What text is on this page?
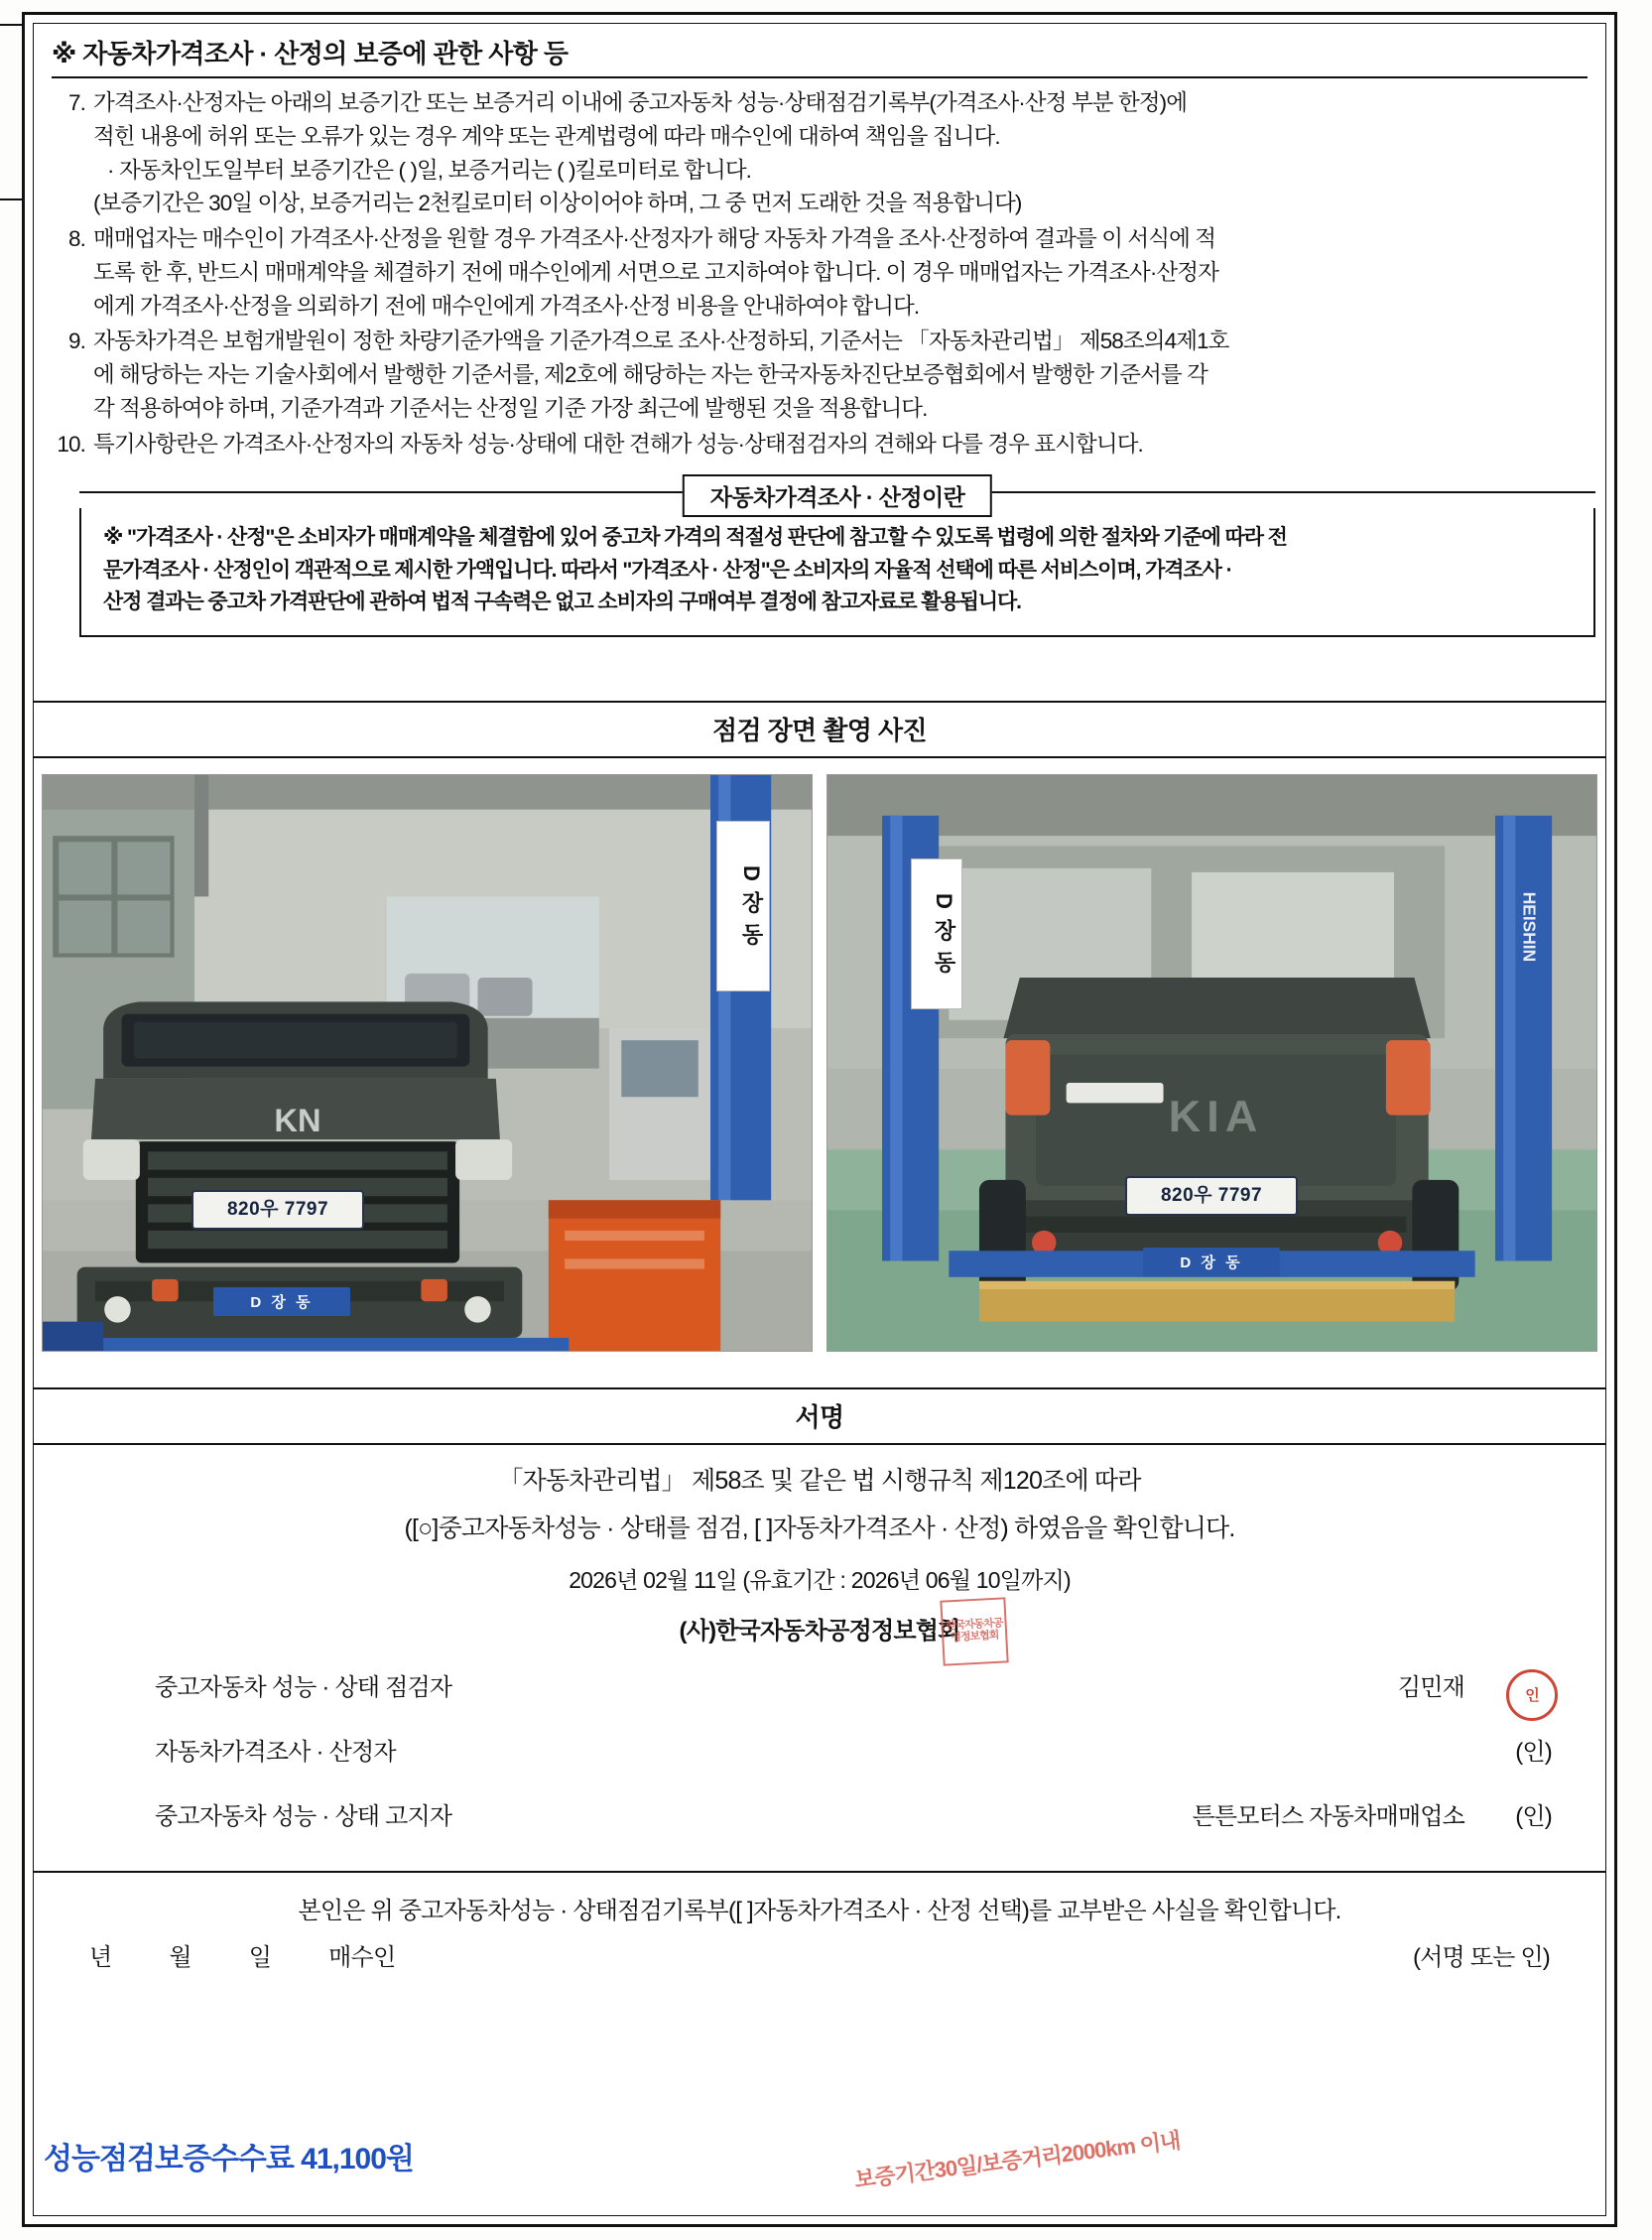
※ 자동차가격조사 · 산정의 보증에 관한 사항 등
7. 가격조사·산정자는 아래의 보증기간 또는 보증거리 이내에 중고자동차 성능·상태점검기록부(가격조사·산정 부분 한정)에
적힌 내용에 허위 또는 오류가 있는 경우 계약 또는 관계법령에 따라 매수인에 대하여 책임을 집니다.
· 자동차인도일부터 보증기간은 ( )일, 보증거리는 ( )킬로미터로 합니다.
(보증기간은 30일 이상, 보증거리는 2천킬로미터 이상이어야 하며, 그 중 먼저 도래한 것을 적용합니다)
8. 매매업자는 매수인이 가격조사·산정을 원할 경우 가격조사·산정자가 해당 자동차 가격을 조사·산정하여 결과를 이 서식에 적
도록 한 후, 반드시 매매계약을 체결하기 전에 매수인에게 서면으로 고지하여야 합니다. 이 경우 매매업자는 가격조사·산정자
에게 가격조사·산정을 의뢰하기 전에 매수인에게 가격조사·산정 비용을 안내하여야 합니다.
9. 자동차가격은 보험개발원이 정한 차량기준가액을 기준가격으로 조사·산정하되, 기준서는 「자동차관리법」 제58조의4제1호
에 해당하는 자는 기술사회에서 발행한 기준서를, 제2호에 해당하는 자는 한국자동차진단보증협회에서 발행한 기준서를 각
각 적용하여야 하며, 기준가격과 기준서는 산정일 기준 가장 최근에 발행된 것을 적용합니다.
10. 특기사항란은 가격조사·산정자의 자동차 성능·상태에 대한 견해가 성능·상태점검자의 견해와 다를 경우 표시합니다.
자동차가격조사 · 산정이란
※ "가격조사 · 산정"은 소비자가 매매계약을 체결함에 있어 중고차 가격의 적절성 판단에 참고할 수 있도록 법령에 의한 절차와 기준에 따라 전
문가격조사 · 산정인이 객관적으로 제시한 가액입니다. 따라서 "가격조사 · 산정"은 소비자의 자율적 선택에 따른 서비스이며, 가격조사 ·
산정 결과는 중고차 가격판단에 관하여 법적 구속력은 없고 소비자의 구매여부 결정에 참고자료로 활용됩니다.
점검 장면 촬영 사진
KN
820우 7797
D 장 동
D 장 동	HEISHIN
KIA
820우 7797
D 장 동
D 장 동
서명
「자동차관리법」 제58조 및 같은 법 시행규칙 제120조에 따라
([○]중고자동차성능 · 상태를 점검, [ ]자동차가격조사 · 산정) 하였음을 확인합니다.
2026년 02월 11일 (유효기간 : 2026년 06월 10일까지)
(사)한국자동차공정정보협회
한국자동차공정정보협회
중고자동차 성능 · 상태 점검자	김민재	인
자동차가격조사 · 산정자	(인)
중고자동차 성능 · 상태 고지자	튼튼모터스 자동차매매업소	(인)
본인은 위 중고자동차성능 · 상태점검기록부([ ]자동차가격조사 · 산정 선택)를 교부받은 사실을 확인합니다.
년 월 일 매수인	(서명 또는 인)
성능점검보증수수료 41,100원	보증기간30일/보증거리2000km 이내
